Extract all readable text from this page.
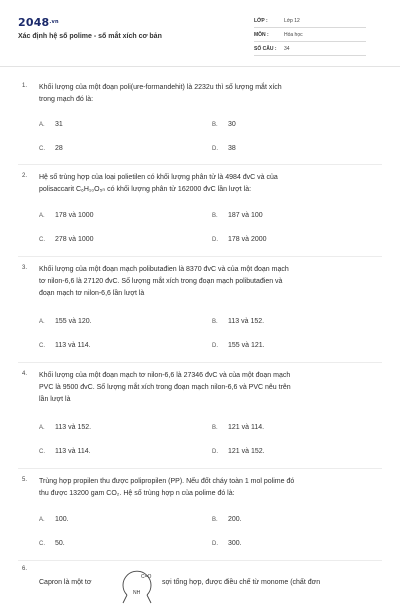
$2048^{.vn}$
Xác định hệ số polime - số mắt xích cơ bản
LỚP :	Lớp 12
MÔN :	Hóa học
SỐ CÂU : 34
1. Khối lượng của một đoạn poli(ure-formandehit) là 2232u thì số lượng mắt xích
trong mạch đó là:
A. 31	B. 30
C. 28	D. 38
2. Hệ số trùng hợp của loại polietilen có khối lượng phân tử là 4984 đvC và của
polisaccarit C₆H₁₀O₅ₙ có khối lượng phân tử 162000 đvC lần lượt là:
A. 178 và 1000	B. 187 và 100
C. 278 và 1000	D. 178 và 2000
3. Khối lượng của một đoạn mạch polibutađien là 8370 đvC và của một đoạn mạch
tơ nilon-6,6 là 27120 đvC. Số lượng mắt xích trong đoạn mạch polibutađien và
đoạn mạch tơ nilon-6,6 lần lượt là
A. 155 và 120.	B. 113 và 152.
C. 113 và 114.	D. 155 và 121.
4. Khối lượng của một đoạn mạch tơ nilon-6,6 là 27346 đvC và của một đoạn mạch
PVC là 9500 đvC. Số lượng mắt xích trong đoạn mạch nilon-6,6 và PVC nêu trên
lần lượt là
A. 113 và 152.	B. 121 và 114.
C. 113 và 114.	D. 121 và 152.
5. Trùng hợp propilen thu được polipropilen (PP). Nếu đốt cháy toàn 1 mol polime đó
thu được 13200 gam CO₂. Hệ số trùng hợp n của polime đó là:
A. 100.	B. 200.
C. 50.	D. 300.
6.
Capron là một tơ
C=O
NH
sợi tổng hợp, được điều chế từ monome (chất đơn
